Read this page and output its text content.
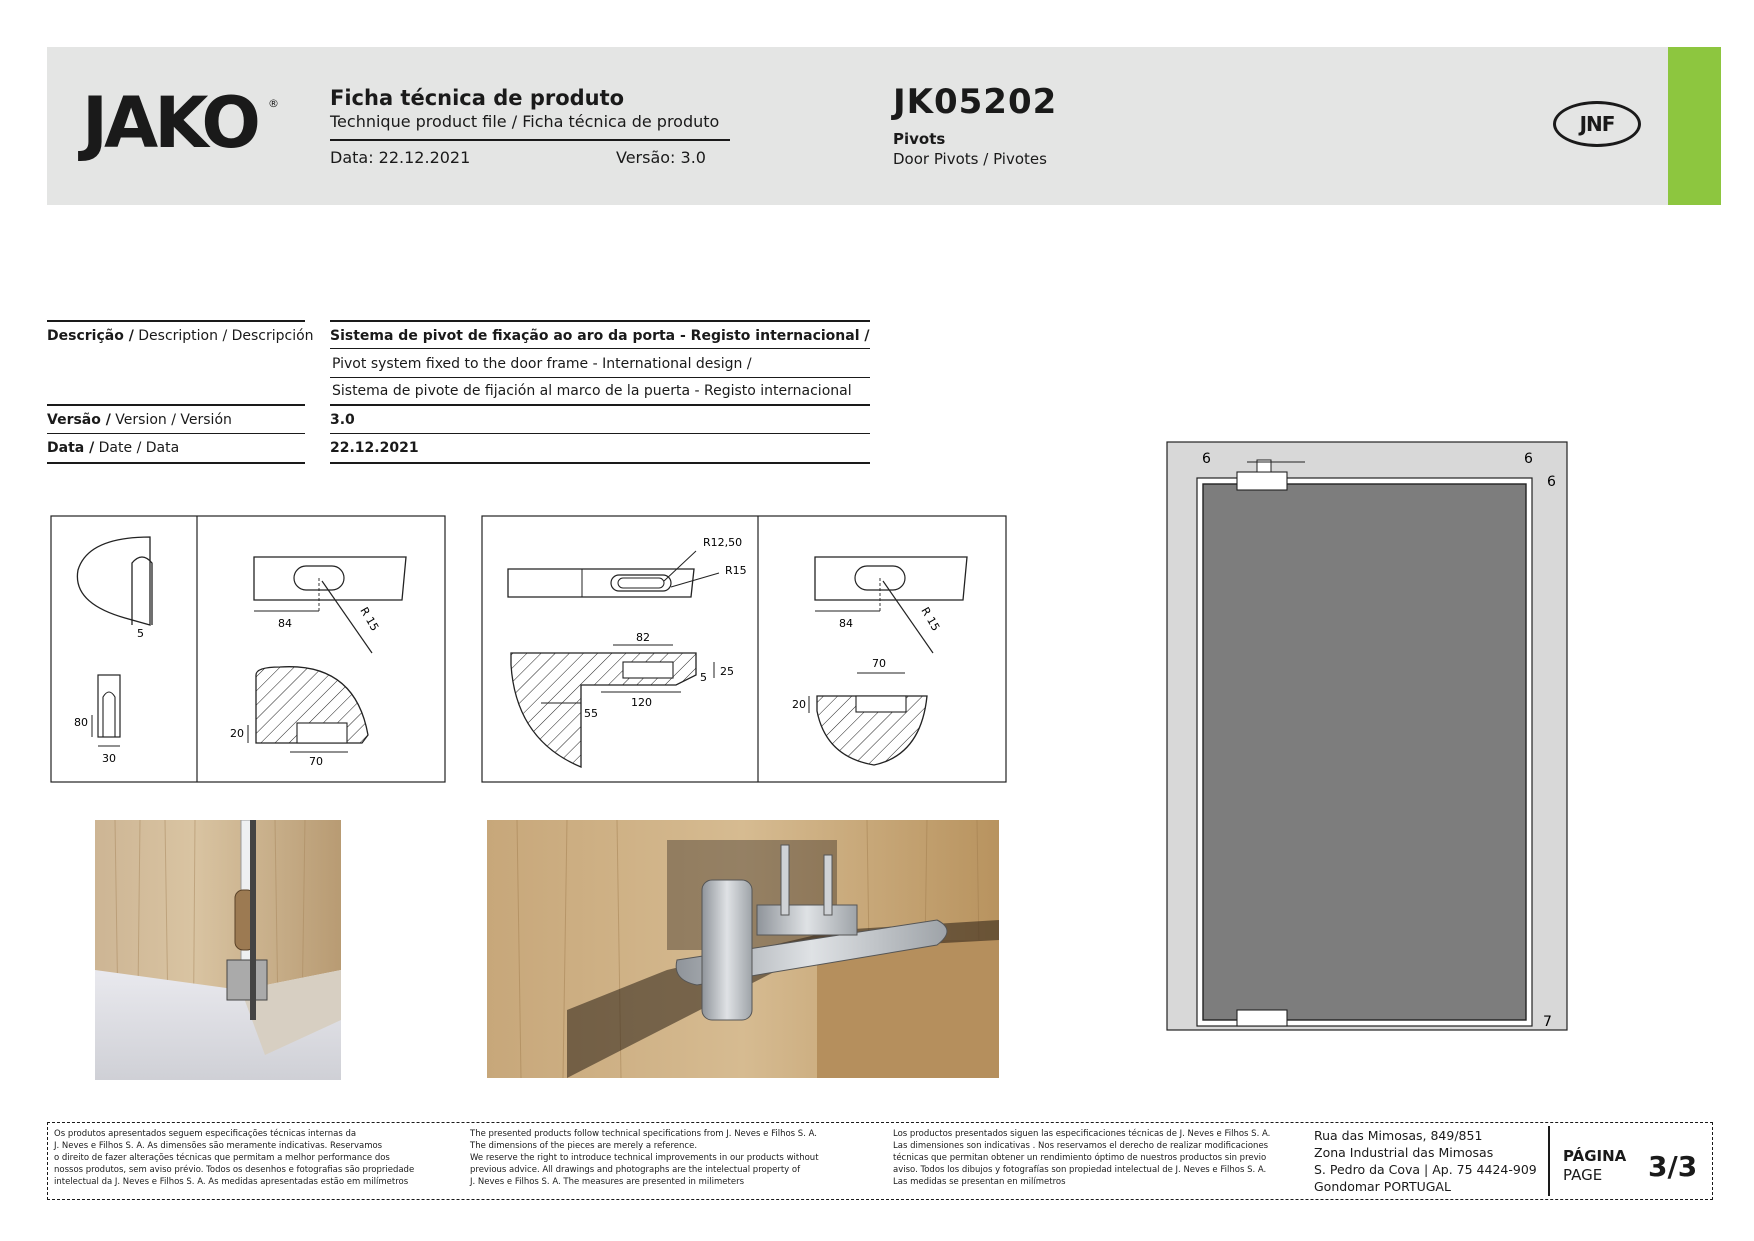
JAKO ® Ficha técnica de produto
Technique product file / Ficha técnica de produto
Data: 22.12.2021	Versão: 3.0
JK05202
Pivots
Door Pivots / Pivotes
JNF
Descrição / Description / Descripción Sistema de pivot de fixação ao aro da porta - Registo internacional /
Pivot system fixed to the door frame - International design /
Sistema de pivote de fijación al marco de la puerta - Registo internacional
Versão / Version / Versión	3.0
Data / Date / Data	22.12.2021
5
80
30
84	R 15
20
70
R12,50
R15
82
25
5
120
55
84	R 15
70
20
6	6
6
7
Os produtos apresentados seguem especificações técnicas internas da
J. Neves e Filhos S. A. As dimensões são meramente indicativas. Reservamos
o direito de fazer alterações técnicas que permitam a melhor performance dos
nossos produtos, sem aviso prévio. Todos os desenhos e fotografias são propriedade
intelectual da J. Neves e Filhos S. A. As medidas apresentadas estão em milímetros
The presented products follow technical specifications from J. Neves e Filhos S. A.
The dimensions of the pieces are merely a reference.
We reserve the right to introduce technical improvements in our products without
previous advice. All drawings and photographs are the intelectual property of
J. Neves e Filhos S. A. The measures are presented in milimeters
Los productos presentados siguen las especificaciones técnicas de J. Neves e Filhos S. A.
Las dimensiones son indicativas . Nos reservamos el derecho de realizar modificaciones
técnicas que permitan obtener un rendimiento óptimo de nuestros productos sin previo
aviso. Todos los dibujos y fotografías son propiedad intelectual de J. Neves e Filhos S. A.
Las medidas se presentan en milímetros
Rua das Mimosas, 849/851
Zona Industrial das Mimosas
S. Pedro da Cova | Ap. 75 4424-909
Gondomar PORTUGAL
PÁGINA
PAGE 3/3
